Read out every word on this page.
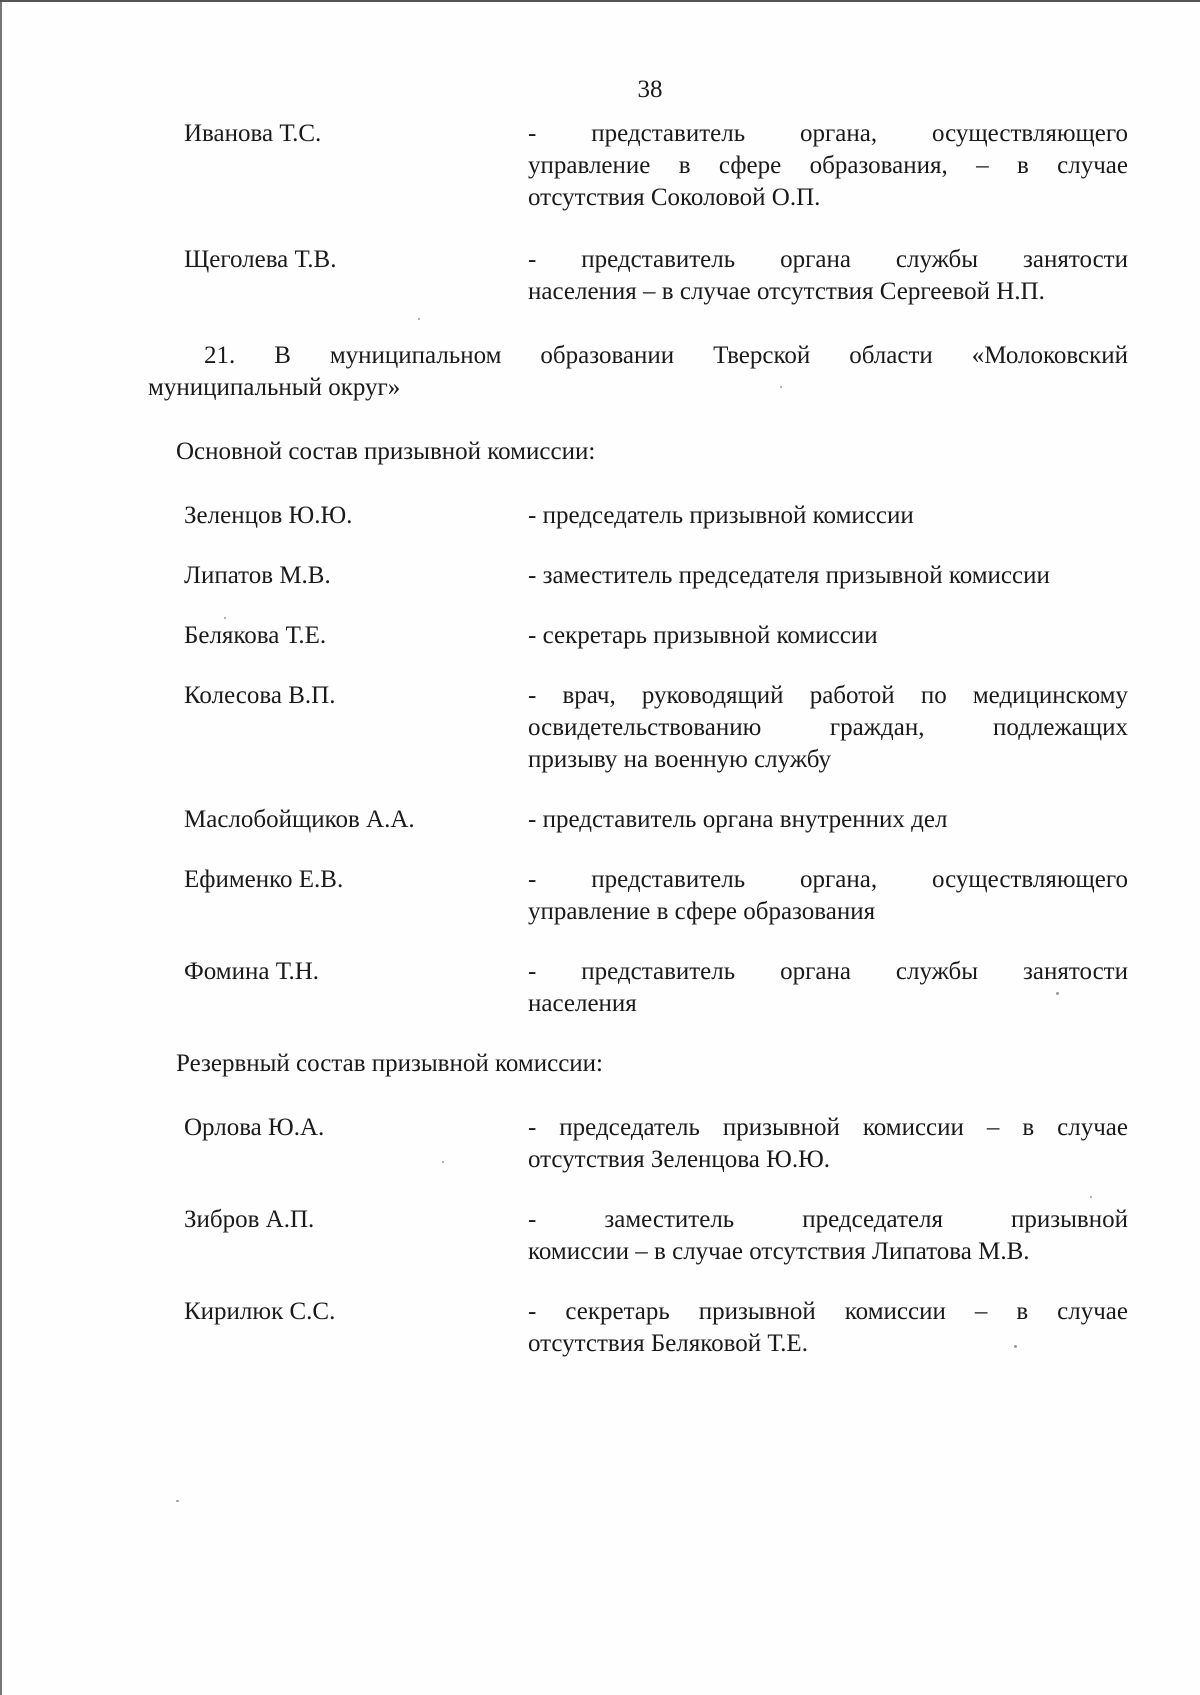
38
Иванова Т.С.	- представитель органа, осуществляющего
управление в сфере образования, – в случае
отсутствия Соколовой О.П.
Щеголева Т.В.	- представитель органа службы занятости
населения – в случае отсутствия Сергеевой Н.П.
21. В муниципальном образовании Тверской области «Молоковский
муниципальный округ»
Основной состав призывной комиссии:
Зеленцов Ю.Ю.	- председатель призывной комиссии
Липатов М.В.	- заместитель председателя призывной комиссии
Белякова Т.Е.	- секретарь призывной комиссии
Колесова В.П.	- врач, руководящий работой по медицинскому
освидетельствованию граждан, подлежащих
призыву на военную службу
Маслобойщиков А.А.	- представитель органа внутренних дел
Ефименко Е.В.	- представитель органа, осуществляющего
управление в сфере образования
Фомина Т.Н.	- представитель органа службы занятости
населения
Резервный состав призывной комиссии:
Орлова Ю.А.	- председатель призывной комиссии – в случае
отсутствия Зеленцова Ю.Ю.
Зибров А.П.	- заместитель председателя призывной
комиссии – в случае отсутствия Липатова М.В.
Кирилюк С.С.	- секретарь призывной комиссии – в случае
отсутствия Беляковой Т.Е.
